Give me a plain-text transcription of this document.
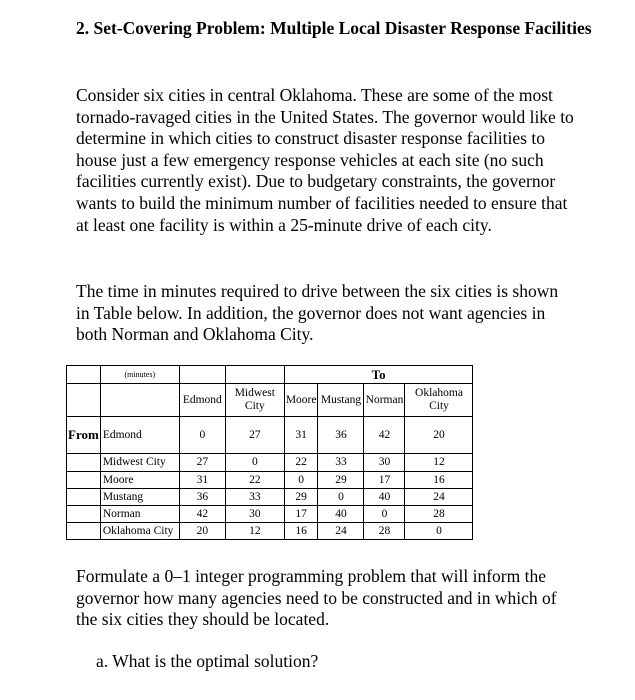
2. Set-Covering Problem: Multiple Local Disaster Response Facilities
Consider six cities in central Oklahoma. These are some of the most tornado-ravaged cities in the United States. The governor would like to determine in which cities to construct disaster response facilities to house just a few emergency response vehicles at each site (no such facilities currently exist). Due to budgetary constraints, the governor wants to build the minimum number of facilities needed to ensure that at least one facility is within a 25-minute drive of each city.
The time in minutes required to drive between the six cities is shown in Table below. In addition, the governor does not want agencies in both Norman and Oklahoma City.
	(minutes)			To			
		Edmond	Midwest City	Moore	Mustang	Norman	Oklahoma City
From	Edmond	0	27	31	36	42	20
	Midwest City	27	0	22	33	30	12
	Moore	31	22	0	29	17	16
	Mustang	36	33	29	0	40	24
	Norman	42	30	17	40	0	28
	Oklahoma City	20	12	16	24	28	0
Formulate a 0–1 integer programming problem that will inform the governor how many agencies need to be constructed and in which of the six cities they should be located.
a. What is the optimal solution?
